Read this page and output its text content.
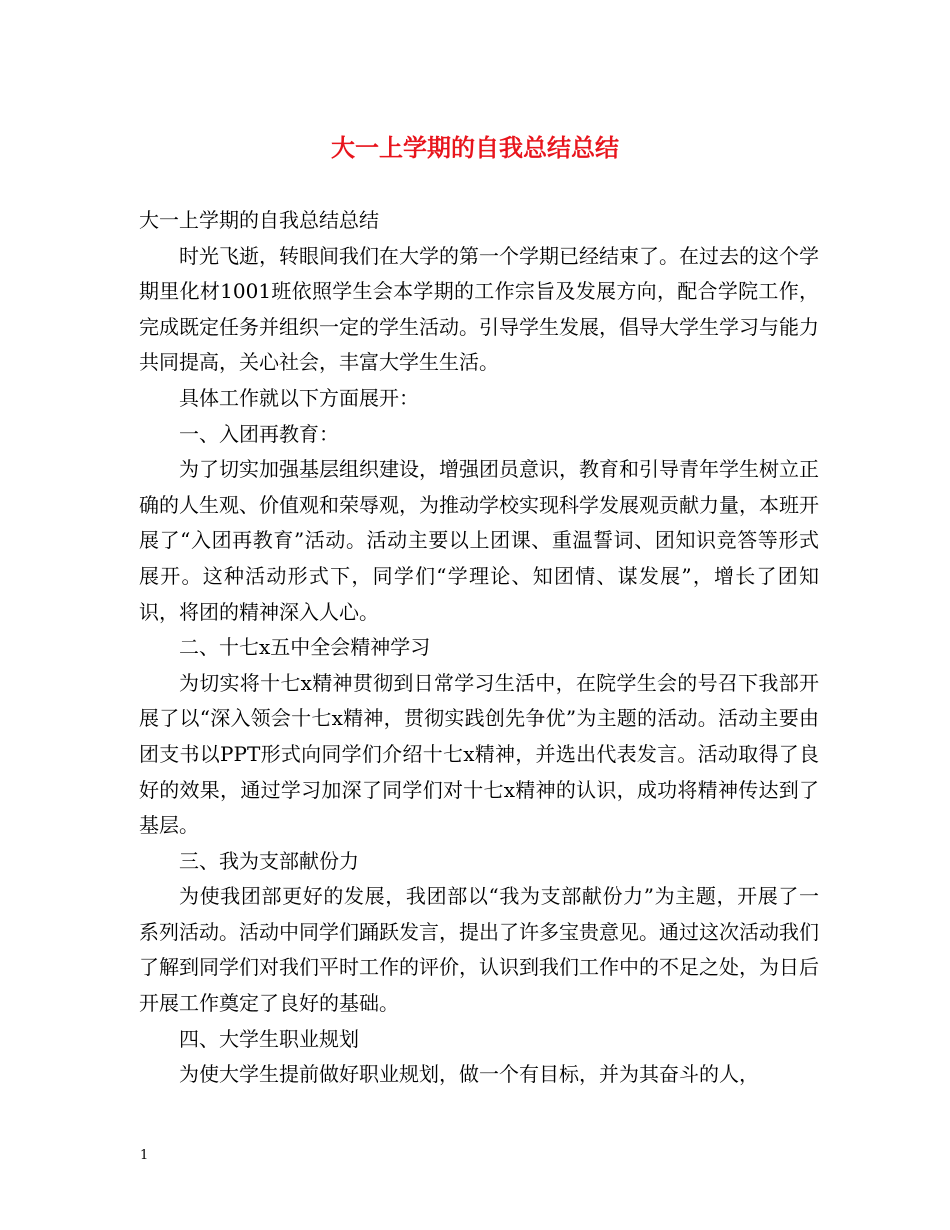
大一上学期的自我总结总结

大一上学期的自我总结总结

时光飞逝，转眼间我们在大学的第一个学期已经结束了。在过去的这个学期里化材1001班依照学生会本学期的工作宗旨及发展方向，配合学院工作，完成既定任务并组织一定的学生活动。引导学生发展，倡导大学生学习与能力共同提高，关心社会，丰富大学生生活。

具体工作就以下方面展开：

一、入团再教育：

为了切实加强基层组织建设，增强团员意识，教育和引导青年学生树立正确的人生观、价值观和荣辱观，为推动学校实现科学发展观贡献力量，本班开展了“入团再教育”活动。活动主要以上团课、重温誓词、团知识竞答等形式展开。这种活动形式下，同学们“学理论、知团情、谋发展”，增长了团知识，将团的精神深入人心。

二、十七x五中全会精神学习

为切实将十七x精神贯彻到日常学习生活中，在院学生会的号召下我部开展了以“深入领会十七x精神，贯彻实践创先争优”为主题的活动。活动主要由团支书以PPT形式向同学们介绍十七x精神，并选出代表发言。活动取得了良好的效果，通过学习加深了同学们对十七x精神的认识，成功将精神传达到了基层。

三、我为支部献份力

为使我团部更好的发展，我团部以“我为支部献份力”为主题，开展了一系列活动。活动中同学们踊跃发言，提出了许多宝贵意见。通过这次活动我们了解到同学们对我们平时工作的评价，认识到我们工作中的不足之处，为日后开展工作奠定了良好的基础。

四、大学生职业规划

为使大学生提前做好职业规划，做一个有目标，并为其奋斗的人，

1
